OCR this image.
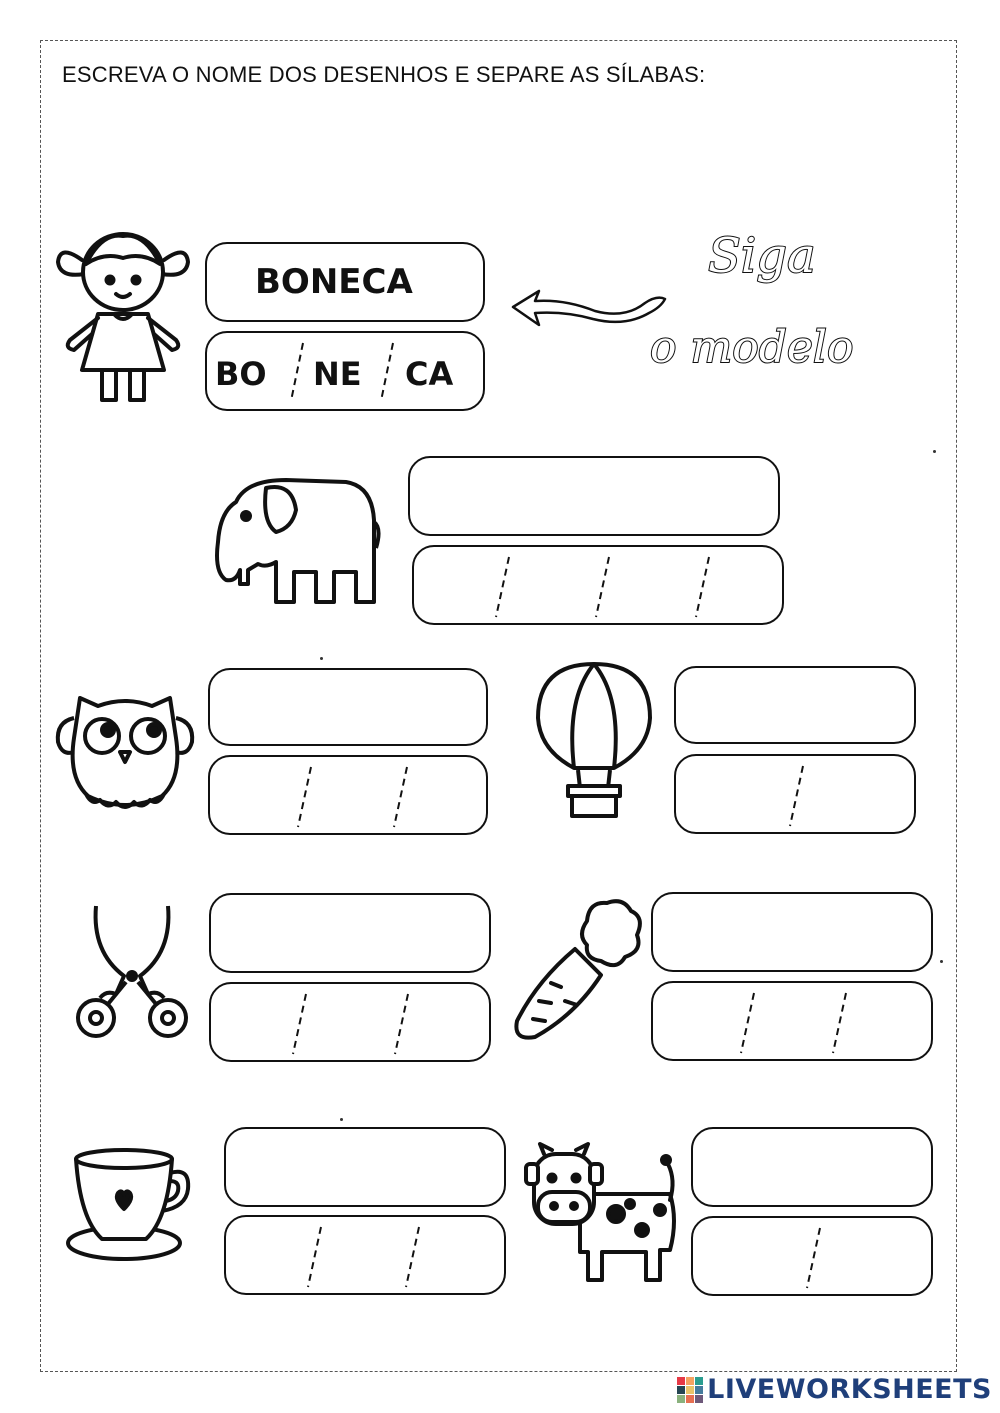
ESCREVA O NOME DOS DESENHOS E SEPARE AS SÍLABAS:
BONECA
BO NE CA
Siga
o modelo
LIVEWORKSHEETS
